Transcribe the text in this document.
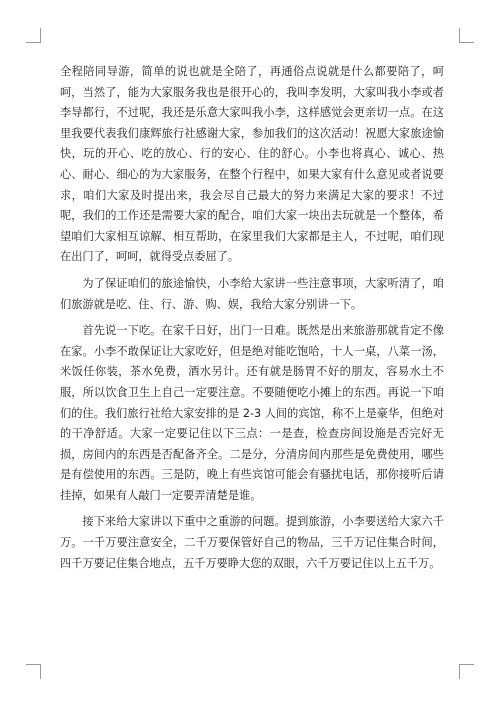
全程陪同导游，简单的说也就是全陪了，再通俗点说就是什么都要陪了，呵呵，当然了，能为大家服务我也是很开心的，我叫李发明，大家叫我小李或者李导都行，不过呢，我还是乐意大家叫我小李，这样感觉会更亲切一点。在这里我要代表我们康辉旅行社感谢大家，参加我们的这次活动！祝愿大家旅途愉快，玩的开心、吃的放心、行的安心、住的舒心。小李也将真心、诚心、热心、耐心、细心的为大家服务，在整个行程中，如果大家有什么意见或者说要求，咱们大家及时提出来，我会尽自己最大的努力来满足大家的要求！不过呢，我们的工作还是需要大家的配合，咱们大家一块出去玩就是一个整体，希望咱们大家相互谅解、相互帮助，在家里我们大家都是主人，不过呢，咱们现在出门了，呵呵，就得受点委屈了。

为了保证咱们的旅途愉快，小李给大家讲一些注意事项，大家听清了，咱们旅游就是吃、住、行、游、购、娱，我给大家分别讲一下。

首先说一下吃。在家千日好，出门一日难。既然是出来旅游那就肯定不像在家。小李不敢保证让大家吃好，但是绝对能吃饱哈，十人一桌，八菜一汤，米饭任你装，茶水免费，酒水另计。还有就是肠胃不好的朋友，容易水土不服，所以饮食卫生上自己一定要注意。不要随便吃小摊上的东西。再说一下咱们的住。我们旅行社给大家安排的是 2-3 人间的宾馆，称不上是豪华，但绝对的干净舒适。大家一定要记住以下三点：一是查，检查房间设施是否完好无损，房间内的东西是否配备齐全。二是分，分清房间内那些是免费使用，哪些是有偿使用的东西。三是防，晚上有些宾馆可能会有骚扰电话，那你接听后请挂掉，如果有人敲门一定要弄清楚是谁。

接下来给大家讲以下重中之重游的问题。提到旅游，小李要送给大家六千万。一千万要注意安全，二千万要保管好自己的物品，三千万记住集合时间，四千万要记住集合地点，五千万要睁大您的双眼，六千万要记住以上五千万。
